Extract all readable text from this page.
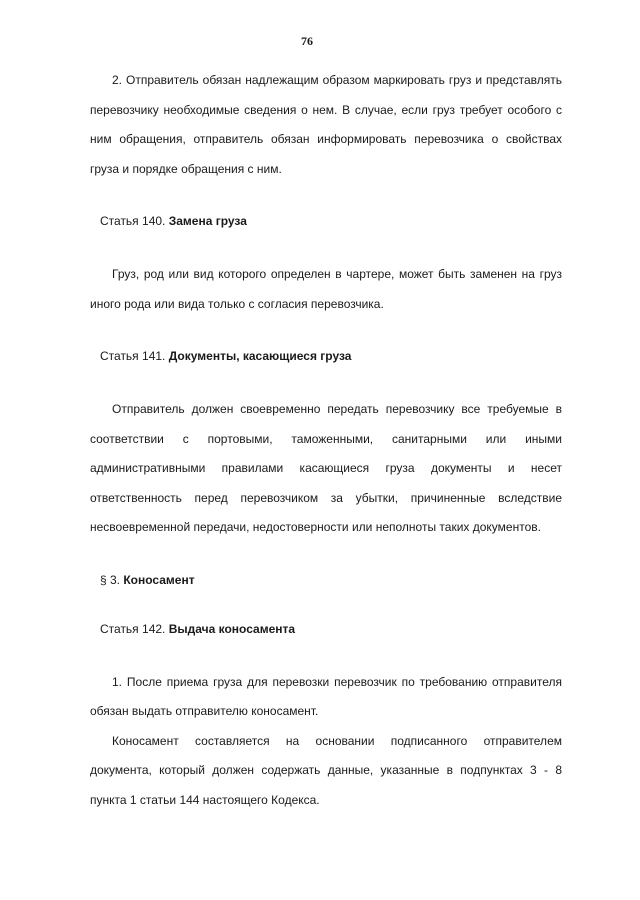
76

2. Отправитель обязан надлежащим образом маркировать груз и представлять перевозчику необходимые сведения о нем. В случае, если груз требует особого с ним обращения, отправитель обязан информировать перевозчика о свойствах груза и порядке обращения с ним.

Статья 140. Замена груза

Груз, род или вид которого определен в чартере, может быть заменен на груз иного рода или вида только с согласия перевозчика.

Статья 141. Документы, касающиеся груза

Отправитель должен своевременно передать перевозчику все требуемые в соответствии с портовыми, таможенными, санитарными или иными административными правилами касающиеся груза документы и несет ответственность перед перевозчиком за убытки, причиненные вследствие несвоевременной передачи, недостоверности или неполноты таких документов.

§ 3. Коносамент
Статья 142. Выдача коносамента

1. После приема груза для перевозки перевозчик по требованию отправителя обязан выдать отправителю коносамент.

Коносамент составляется на основании подписанного отправителем документа, который должен содержать данные, указанные в подпунктах 3 - 8 пункта 1 статьи 144 настоящего Кодекса.
